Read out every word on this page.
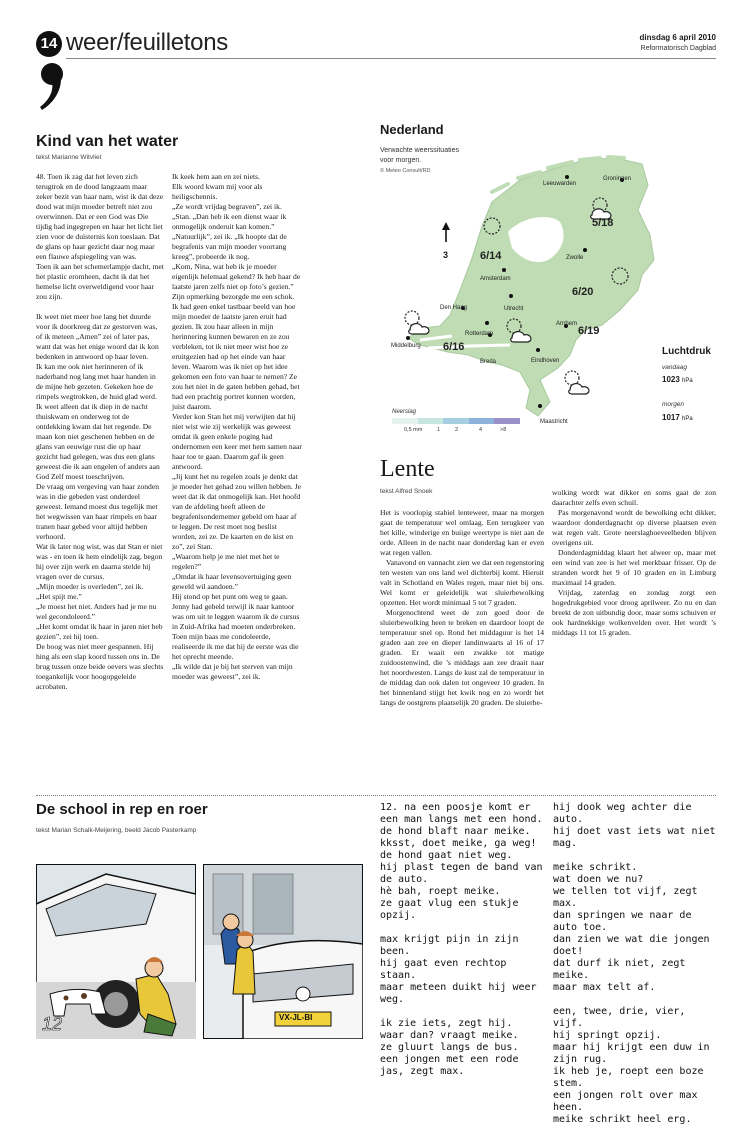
14 weer/feuilletons	dinsdag 6 april 2010
Reformatorisch Dagblad
Kind van het water
tekst Marianne Witvliet

48. Toen ik zag dat het leven zich terugtrok en de dood langzaam maar zeker bezit van haar nam, wist ik dat deze dood wat mijn moeder betreft niet zou overwinnen. Dat er een God was Die tijdig had ingegrepen en haar het licht liet zien voor de duisternis kon toeslaan. Dat de glans op haar gezicht daar nog maar een flauwe afspiegeling van was.

Toen ik aan het schemerlampje dacht, met het plastic eromheen, dacht ik dat het hemelse licht overweldigend voor haar zou zijn.

Ik weet niet meer hoe lang het duurde voor ik doorkreeg dat ze gestorven was, of ik meteen „Amen” zei of later pas, want dat was het enige woord dat ik kon bedenken in antwoord op haar leven.

Ik kan me ook niet herinneren of ik naderhand nog lang met haar handen in de mijne heb gezeten. Gekeken hoe de rimpels wegtrokken, de huid glad werd.

Ik weet alleen dat ik diep in de nacht thuiskwam en onderweg tot de ontdekking kwam dat het regende. De maan kon niet geschenen hebben en de glans van eeuwige rust die op haar gezicht had gelegen, was dus een glans geweest die ik aan engelen of anders aan God Zelf moest toeschrijven.

De vraag om vergeving van haar zonden was in die gebeden vast onderdeel geweest. Iemand moest dus tegelijk met het wegwissen van haar rimpels en haar tranen haar gebed voor altijd hebben verhoord.

Wat ik later nog wist, was dat Stan er niet was - en toen ik hem eindelijk zag, begon hij over zijn werk en daarna stelde hij vragen over de cursus.

„Mijn moeder is overleden”, zei ik.

„Het spijt me.”

„Je moest het niet. Anders had je me nu wel gecondoleerd.”

„Het komt omdat ik haar in jaren niet heb gezien”, zei hij toen.

De boog was niet meer gespannen. Hij hing als een slap koord tussen ons in. De brug tussen onze beide oevers was slechts toegankelijk voor hoogopgeleide acrobaten.

Ik keek hem aan en zei niets.

Elk woord kwam mij voor als heiligschennis.

„Ze wordt vrijdag begraven”, zei ik.

„Stan. „Dan heb ik een dienst waar ik onmogelijk onderuit kan komen.”

„Natuurlijk”, zei ik. „Ik hoopte dat de begrafenis van mijn moeder voorrang kreeg”, probeerde ik nog.

„Kom, Nina, wat heb ik je moeder eigenlijk helemaal gekend? Ik heb haar de laatste jaren zelfs niet op foto’s gezien.”

Zijn opmerking bezorgde me een schok. Ik had geen enkel tastbaar beeld van hoe mijn moeder de laatste jaren eruit had gezien. Ik zou haar alleen in mijn herinnering kunnen bewaren en ze zou verbleken, tot ik niet meer wist hoe ze eruitgezien had op het einde van haar leven. Waarom was ik niet op het idee gekomen een foto van haar te nemen? Ze zou het niet in de gaten hebben gehad, het had een prachtig portret kunnen worden, juist daarom.

Verder kon Stan het mij verwijten dat hij niet wist wie zij werkelijk was geweest omdat ik geen enkele poging had ondernomen een keer met hem samen naar haar toe te gaan. Daarom gaf ik geen antwoord.

„Jij kunt het nu regelen zoals je denkt dat je moeder het gehad zou willen hebben. Je weet dat ik dat onmogelijk kan. Het hoofd van de afdeling heeft alleen de begrafenisondernemer gebeld om haar af te leggen. De rest moet nog beslist worden, zei ze. De kaarten en de kist en zo”, zei Stan.

„Waarom help je me niet met het te regelen?”

„Omdat ik haar levensovertuiging geen geweld wil aandoen.”

Hij stond op het punt om weg te gaan.

Jenny had gebeld terwijl ik naar kantoor was om uit te leggen waarom ik de cursus in Zuid-Afrika had moeten onderbreken. Toen mijn baas me condoleerde, realiseerde ik me dat hij de eerste was die het oprecht meende.

„Ik wilde dat je bij het sterven van mijn moeder was geweest”, zei ik.

Nederland
Verwachte weerssituaties
voor morgen.
© Meteo Consult/RD
Leeuwarden
Groningen
Amsterdam
Zwolle
Den Haag	Utrecht
Rotterdam
Arnhem
Middelburg
Breda	Eindhoven
Maastricht
5/18
6/14
6/20
6/16
6/19
3
Luchtdruk
vandaag
1023 hPa
morgen
1017 hPa
Neerslag
0,5 mm	1	2	4	>8
Lente
tekst Alfred Snoek

Het is voorlopig stabiel lenteweer, maar na morgen gaat de temperatuur wel omlaag. Een terugkeer van het kille, winderige en buiige weertype is niet aan de orde. Alleen in de nacht naar donderdag kan er even wat regen vallen.

Vanavond en vannacht zien we dat een regenstoring ten westen van ons land wel dichterbij komt. Hieruit valt in Schotland en Wales regen, maar niet bij ons. Wel komt er geleidelijk wat sluierbewolking opzetten. Het wordt minimaal 5 tot 7 graden.

Morgenochtend weet de zon goed door de sluierbewolking heen te breken en daardoor loopt de temperatuur snel op. Rond het middaguur is het 14 graden aan zee en dieper landinwaarts al 16 of 17 graden. Er waait een zwakke tot matige zuidoostenwind, die ’s middags aan zee draait naar het noordwesten. Langs de kust zal de temperatuur in de middag dan ook dalen tot ongeveer 10 graden. In het binnenland stijgt het kwik nog en zo wordt het langs de oostgrens plaatselijk 20 graden. De sluierbe-

wolking wordt wat dikker en soms gaat de zon daarachter zelfs even schuil.

Pas morgenavond wordt de bewolking echt dikker, waardoor donderdagnacht op diverse plaatsen even wat regen valt. Grote neerslaghoeveelheden blijven overigens uit.

Donderdagmiddag klaart het alweer op, maar met een wind van zee is het wel merkbaar frisser. Op de stranden wordt het 9 of 10 graden en in Limburg maximaal 14 graden.

Vrijdag, zaterdag en zondag zorgt een hogedrukgebied voor droog aprilweer. Zo nu en dan breekt de zon uitbundig door, maar soms schuiven er ook hardnekkige wolkenvelden over. Het wordt ’s middags 11 tot 15 graden.

De school in rep en roer
tekst Marian Schalk-Meijering, beeld Jacob Pasterkamp
12	VX-JL-BI

12. na een poosje komt er een man langs met een hond.

de hond blaft naar meike.

kksst, doet meike, ga weg!

de hond gaat niet weg.

hij plast tegen de band van de auto.

hè bah, roept meike.

ze gaat vlug een stukje opzij.

max krijgt pijn in zijn been.

hij gaat even rechtop staan.

maar meteen duikt hij weer weg.

ik zie iets, zegt hij.

waar dan? vraagt meike.

ze gluurt langs de bus.

een jongen met een rode jas, zegt max.

hij dook weg achter die auto.

hij doet vast iets wat niet mag.

meike schrikt.

wat doen we nu?

we tellen tot vijf, zegt max.

dan springen we naar de auto toe.

dan zien we wat die jongen doet!

dat durf ik niet, zegt meike.

maar max telt af.

een, twee, drie, vier, vijf.

hij springt opzij.

maar hij krijgt een duw in zijn rug.

ik heb je, roept een boze stem.

een jongen rolt over max heen.

meike schrikt heel erg.
